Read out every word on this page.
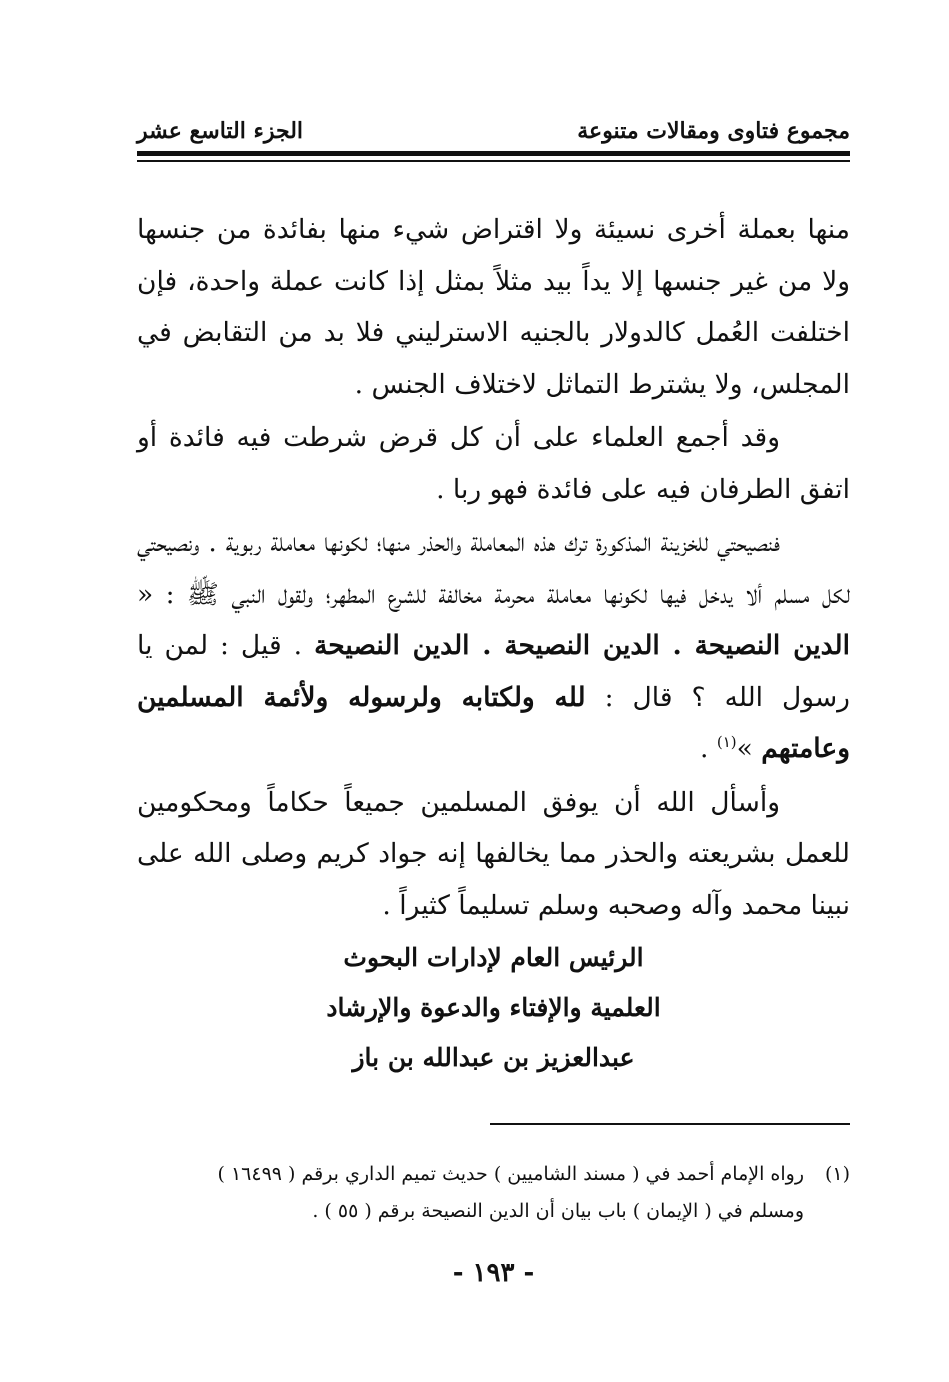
مجموع فتاوى ومقالات متنوعة
الجزء التاسع عشر

منها بعملة أخرى نسيئة ولا اقتراض شيء منها بفائدة من جنسها ولا من غير جنسها إلا يداً بيد مثلاً بمثل إذا كانت عملة واحدة، فإن اختلفت العُمل كالدولار بالجنيه الاسترليني فلا بد من التقابض في المجلس، ولا يشترط التماثل لاختلاف الجنس .

وقد أجمع العلماء على أن كل قرض شرطت فيه فائدة أو اتفق الطرفان فيه على فائدة فهو ربا .

فنصيحتي للخزينة المذكورة ترك هذه المعاملة والحذر منها؛ لكونها معاملة ربوية . ونصيحتي لكل مسلم ألا يدخل فيها لكونها معاملة محرمة مخالفة للشرع المطهر؛ ولقول النبي ﷺ : « الدين النصيحة . الدين النصيحة . الدين النصيحة . قيل : لمن يا رسول الله ؟ قال : لله ولكتابه ولرسوله ولأئمة المسلمين وعامتهم »$^{(١)}$ .

وأسأل الله أن يوفق المسلمين جميعاً حكاماً ومحكومين للعمل بشريعته والحذر مما يخالفها إنه جواد كريم وصلى الله على نبينا محمد وآله وصحبه وسلم تسليماً كثيراً .

الرئيس العام لإدارات البحوث
العلمية والإفتاء والدعوة والإرشاد
عبدالعزيز بن عبدالله بن باز
(١)
رواه الإمام أحمد في ( مسند الشاميين ) حديث تميم الداري برقم ( ١٦٤٩٩ )
ومسلم في ( الإيمان ) باب بيان أن الدين النصيحة برقم ( ٥٥ ) .
- ١٩٣ -
